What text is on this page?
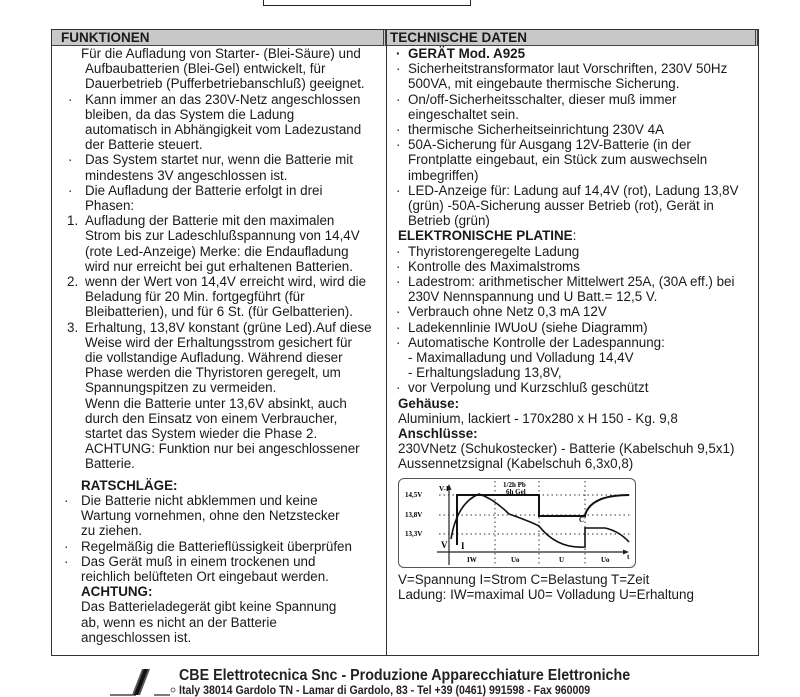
FUNKTIONEN
Für die Aufladung von Starter- (Blei-Säure) und
Aufbaubatterien (Blei-Gel) entwickelt, für
Dauerbetrieb (Pufferbetriebanschluß) geeignet.
· Kann immer an das 230V-Netz angeschlossen
bleiben, da das System die Ladung
automatisch in Abhängigkeit vom Ladezustand
der Batterie steuert.
· Das System startet nur, wenn die Batterie mit
mindestens 3V angeschlossen ist.
· Die Aufladung der Batterie erfolgt in drei
Phasen:
1. Aufladung der Batterie mit den maximalen
Strom bis zur Ladeschlußspannung von 14,4V
(rote Led-Anzeige) Merke: die Endaufladung
wird nur erreicht bei gut erhaltenen Batterien.
2. wenn der Wert von 14,4V erreicht wird, wird die
Beladung für 20 Min. fortgegführt (für
Bleibatterien), und für 6 St. (für Gelbatterien).
3. Erhaltung, 13,8V konstant (grüne Led).Auf diese
Weise wird der Erhaltungsstrom gesichert für
die vollstandige Aufladung. Während dieser
Phase werden die Thyristoren geregelt, um
Spannungspitzen zu vermeiden.
Wenn die Batterie unter 13,6V absinkt, auch
durch den Einsatz von einem Verbraucher,
startet das System wieder die Phase 2.
ACHTUNG: Funktion nur bei angeschlossener
Batterie.
RATSCHLÄGE:
· Die Batterie nicht abklemmen und keine
Wartung vornehmen, ohne den Netzstecker
zu ziehen.
· Regelmäßig die Batterieflüssigkeit überprüfen
· Das Gerät muß in einem trockenen und
reichlich belüfteten Ort eingebaut werden.
ACHTUNG:
Das Batterieladegerät gibt keine Spannung
ab, wenn es nicht an der Batterie
angeschlossen ist.
TECHNISCHE DATEN
· GERÄT Mod. A925
· Sicherheitstransformator laut Vorschriften, 230V 50Hz
500VA, mit eingebaute thermische Sicherung.
· On/off-Sicherheitsschalter, dieser muß immer
eingeschaltet sein.
· thermische Sicherheitseinrichtung 230V 4A
· 50A-Sicherung für Ausgang 12V-Batterie (in der
Frontplatte eingebaut, ein Stück zum auswechseln
imbegriffen)
· LED-Anzeige für: Ladung auf 14,4V (rot), Ladung 13,8V
(grün) -50A-Sicherung ausser Betrieb (rot), Gerät in
Betrieb (grün)
ELEKTRONISCHE PLATINE:
· Thyristorengeregelte Ladung
· Kontrolle des Maximalstroms
· Ladestrom: arithmetischer Mittelwert 25A, (30A eff.) bei
230V Nennspannung und U Batt.= 12,5 V.
· Verbrauch ohne Netz 0,3 mA 12V
· Ladekennlinie IWUoU (siehe Diagramm)
· Automatische Kontrolle der Ladespannung:
- Maximalladung und Volladung 14,4V
- Erhaltungsladung 13,8V,
· vor Verpolung und Kurzschluß geschützt
Gehäuse:
Aluminium, lackiert - 170x280 x H 150 - Kg. 9,8
Anschlüsse:
230VNetz (Schukostecker) - Batterie (Kabelschuh 9,5x1)
Aussennetzsignal (Kabelschuh 6,3x0,8)
V-I
14,5V
13,8V
13,3V
1/2h Pb
6h Gel
V I
C
t
IW	Uo	U	Uo
V=Spannung I=Strom C=Belastung T=Zeit
Ladung: IW=maximal U0= Volladung U=Erhaltung
CBE Elettrotecnica Snc - Produzione Apparecchiature Elettroniche
Italy 38014 Gardolo TN - Lamar di Gardolo, 83 - Tel +39 (0461) 991598 - Fax 960009
